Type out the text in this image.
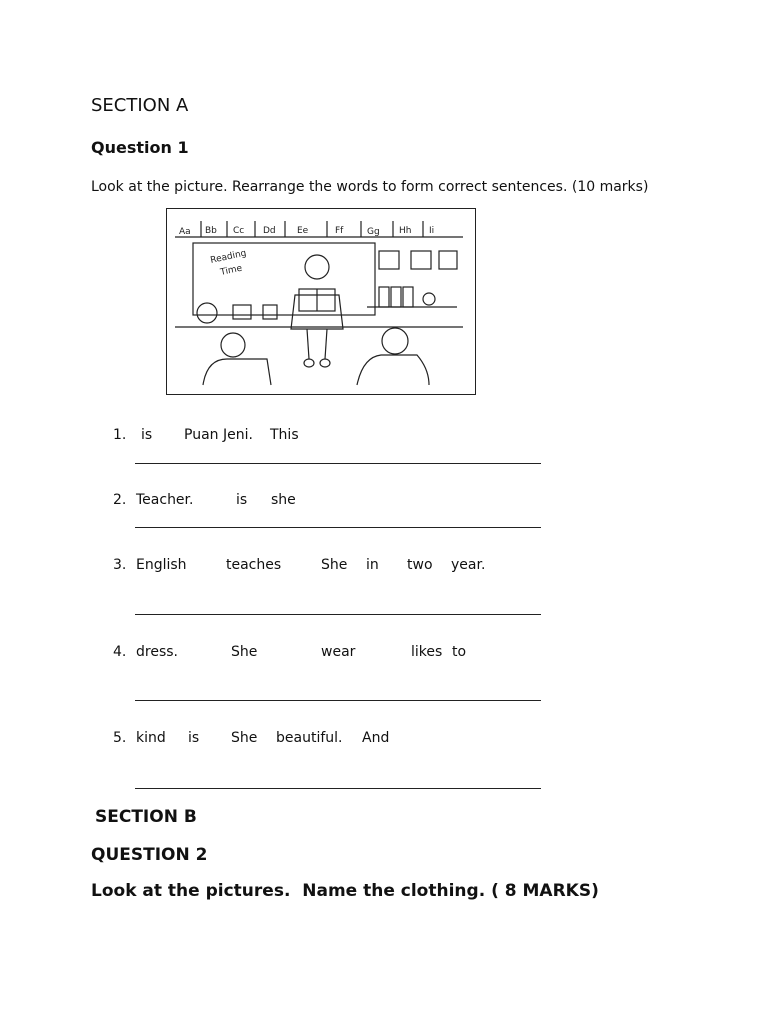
SECTION A
Question 1
Look at the picture. Rearrange the words to form correct sentences. (10 marks)
Aa Bb Cc Dd Ee	Ff	Gg Hh Ii
Reading
Time
1. is Puan Jeni. This
2. Teacher.	is she
3. English	teaches	She in two year.
4. dress.	She	wear	likes to
5. kind is She beautiful. And
SECTION B
QUESTION 2
Look at the pictures.  Name the clothing. ( 8 MARKS)
